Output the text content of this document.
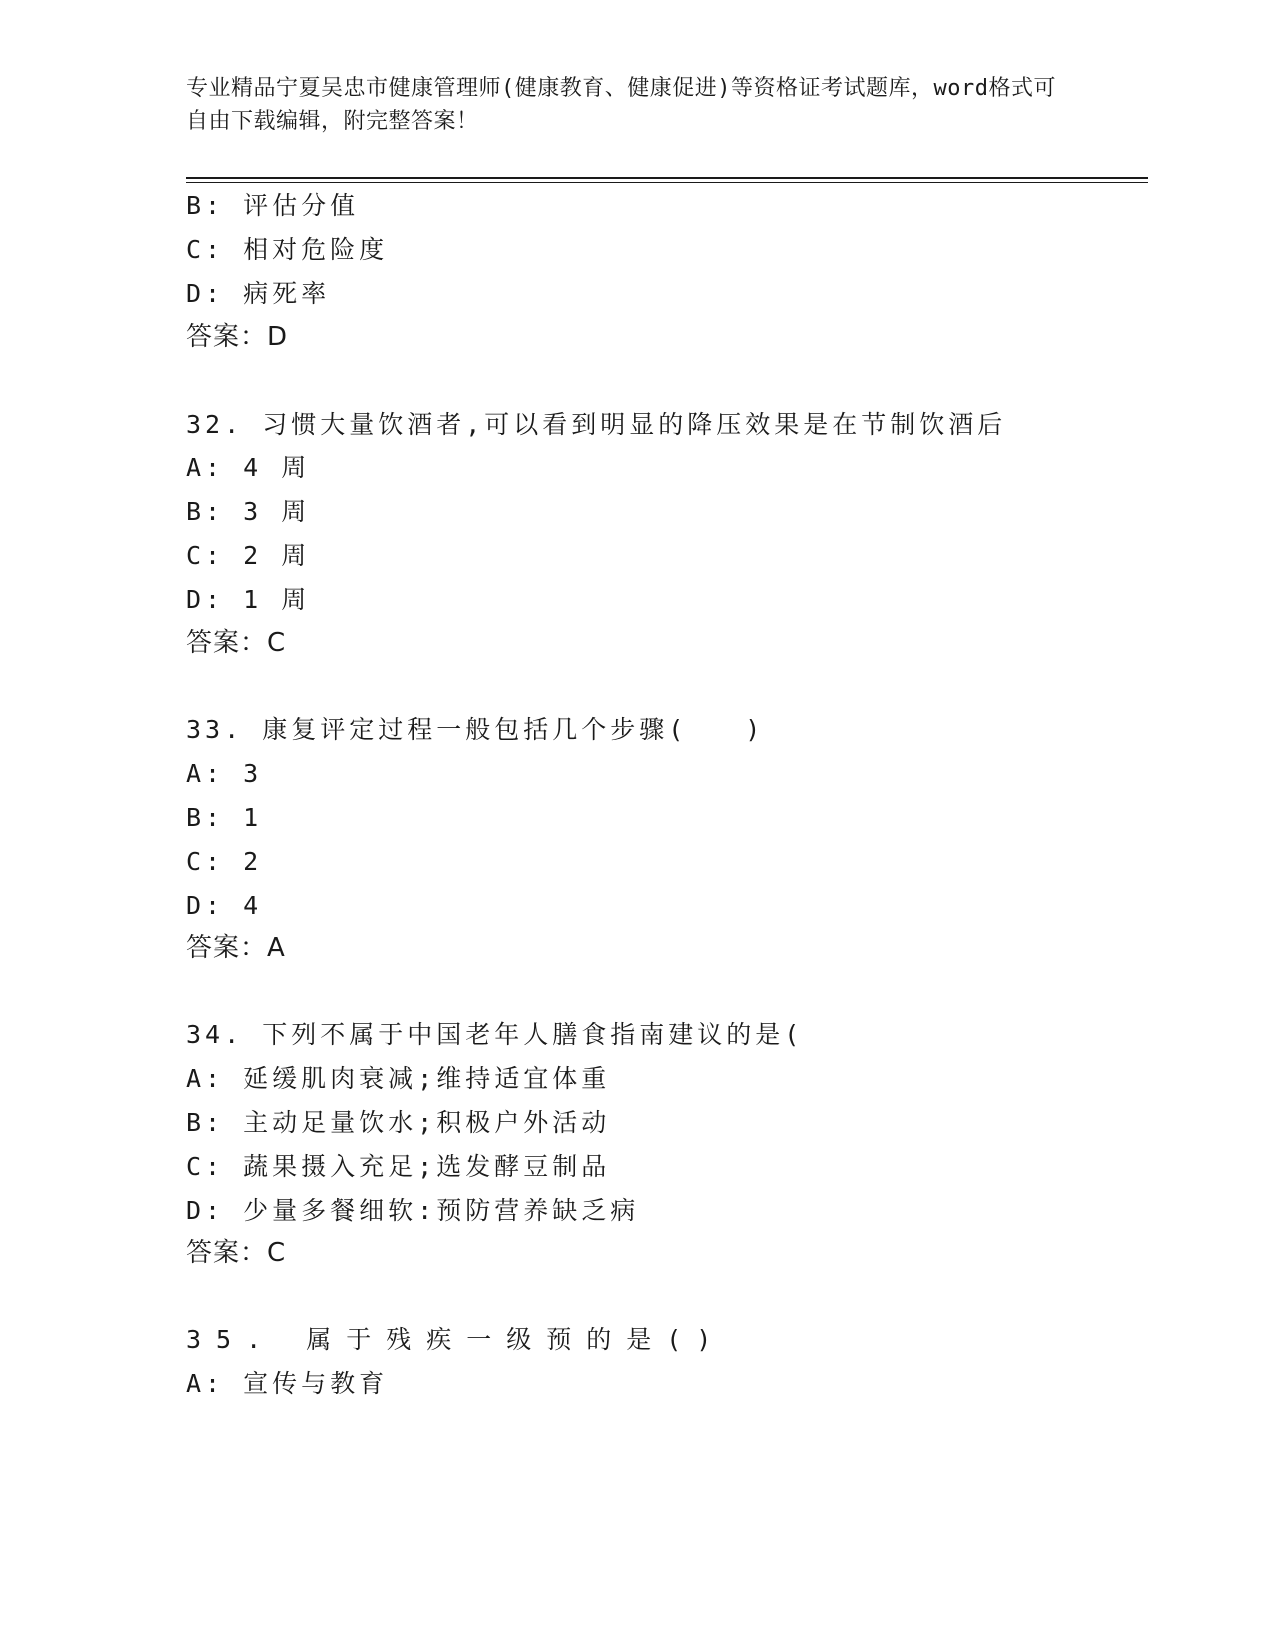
专业精品宁夏吴忠市健康管理师(健康教育、健康促进)等资格证考试题库，word格式可自由下载编辑，附完整答案！
B: 评估分值
C: 相对危险度
D: 病死率
答案：D
32. 习惯大量饮酒者,可以看到明显的降压效果是在节制饮酒后
A: 4 周
B: 3 周
C: 2 周
D: 1 周
答案：C
33. 康复评定过程一般包括几个步骤(　　)
A: 3
B: 1
C: 2
D: 4
答案：A
34. 下列不属于中国老年人膳食指南建议的是(
A: 延缓肌肉衰减;维持适宜体重
B: 主动足量饮水;积极户外活动
C: 蔬果摄入充足;选发酵豆制品
D: 少量多餐细软:预防营养缺乏病
答案：C
35. 属于残疾一级预的是()
A: 宣传与教育
